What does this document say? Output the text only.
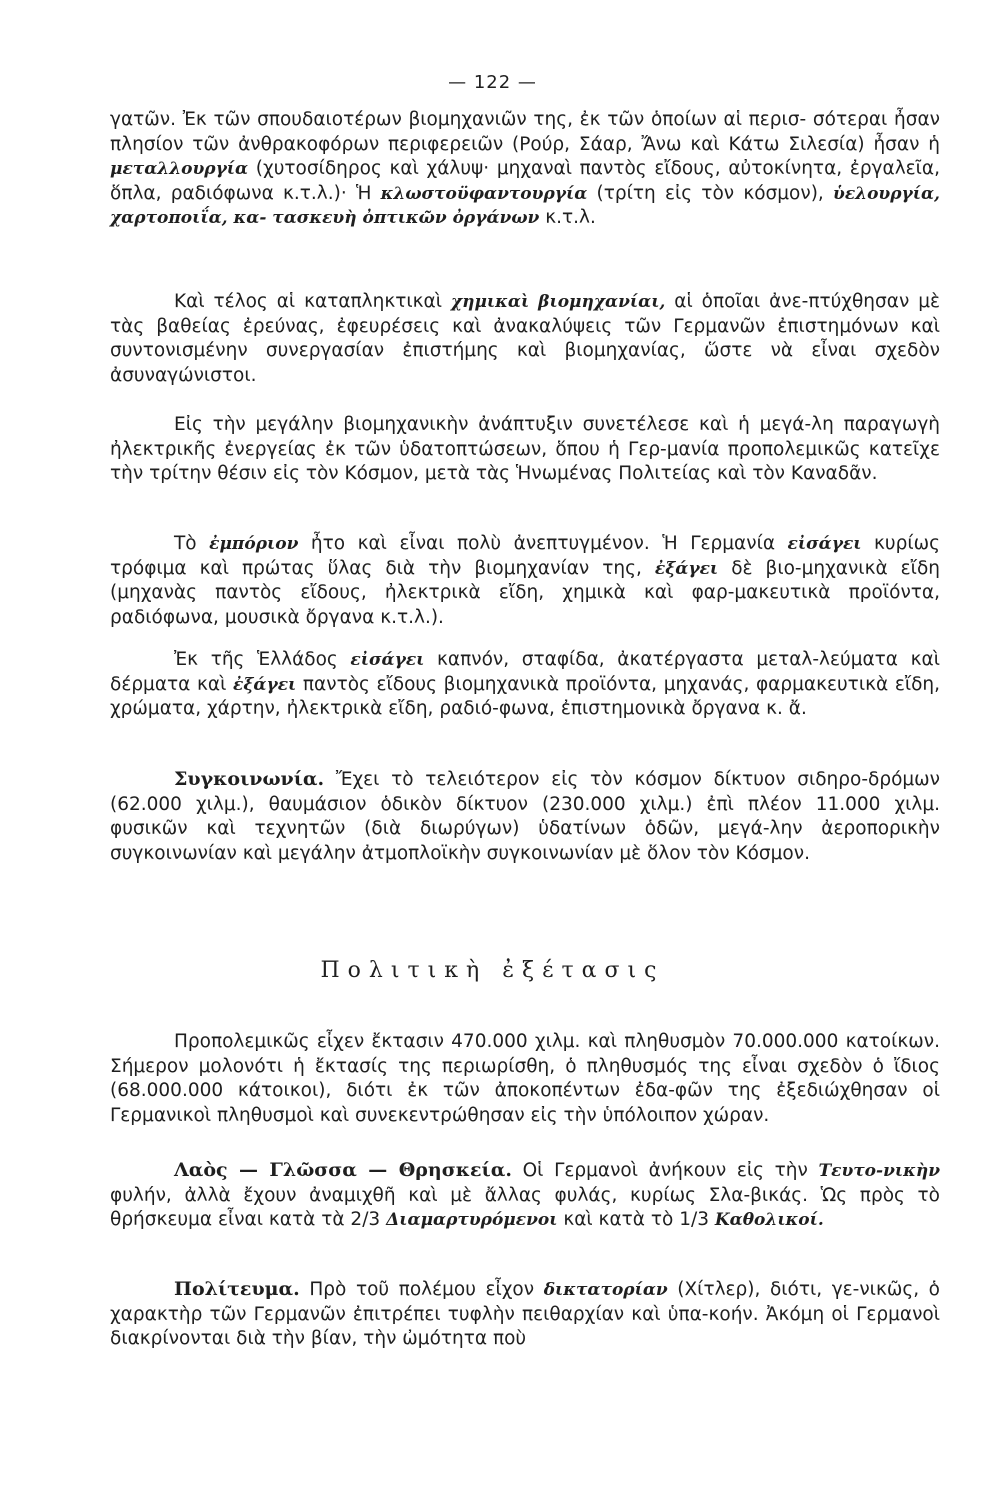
— 122 —

γατῶν. Ἐκ τῶν σπουδαιοτέρων βιομηχανιῶν της, ἐκ τῶν ὁποίων αἱ περισ- σότεραι ἦσαν πλησίον τῶν ἀνθρακοφόρων περιφερειῶν (Ρούρ, Σάαρ, Ἄνω καὶ Κάτω Σιλεσία) ἦσαν ἡ μεταλλουργία (χυτοσίδηρος καὶ χάλυψ· μηχαναὶ παντὸς εἴδους, αὐτοκίνητα, ἐργαλεῖα, ὅπλα, ραδιόφωνα κ.τ.λ.)· Ἡ κλωστοϋφαντουργία (τρίτη εἰς τὸν κόσμον), ὑελουργία, χαρτοποιΐα, κα- τασκευὴ ὀπτικῶν ὀργάνων κ.τ.λ.

Καὶ τέλος αἱ καταπληκτικαὶ χημικαὶ βιομηχανίαι, αἱ ὁποῖαι ἀνε-πτύχθησαν μὲ τὰς βαθείας ἐρεύνας, ἐφευρέσεις καὶ ἀνακαλύψεις τῶν Γερμανῶν ἐπιστημόνων καὶ συντονισμένην συνεργασίαν ἐπιστήμης καὶ βιομηχανίας, ὥστε νὰ εἶναι σχεδὸν ἀσυναγώνιστοι.

Εἰς τὴν μεγάλην βιομηχανικὴν ἀνάπτυξιν συνετέλεσε καὶ ἡ μεγά-λη παραγωγὴ ἠλεκτρικῆς ἐνεργείας ἐκ τῶν ὑδατοπτώσεων, ὅπου ἡ Γερ-μανία προπολεμικῶς κατεῖχε τὴν τρίτην θέσιν εἰς τὸν Κόσμον, μετὰ τὰς Ἡνωμένας Πολιτείας καὶ τὸν Καναδᾶν.

Τὸ ἐμπόριον ἦτο καὶ εἶναι πολὺ ἀνεπτυγμένον. Ἡ Γερμανία εἰσάγει κυρίως τρόφιμα καὶ πρώτας ὕλας διὰ τὴν βιομηχανίαν της, ἐξάγει δὲ βιο-μηχανικὰ εἴδη (μηχανὰς παντὸς εἴδους, ἠλεκτρικὰ εἴδη, χημικὰ καὶ φαρ-μακευτικὰ προϊόντα, ραδιόφωνα, μουσικὰ ὄργανα κ.τ.λ.).

Ἐκ τῆς Ἑλλάδος εἰσάγει καπνόν, σταφίδα, ἀκατέργαστα μεταλ-λεύματα καὶ δέρματα καὶ ἐξάγει παντὸς εἴδους βιομηχανικὰ προϊόντα, μηχανάς, φαρμακευτικὰ εἴδη, χρώματα, χάρτην, ἠλεκτρικὰ εἴδη, ραδιό-φωνα, ἐπιστημονικὰ ὄργανα κ. ἄ.

Συγκοινωνία. Ἔχει τὸ τελειότερον εἰς τὸν κόσμον δίκτυον σιδηρο-δρόμων (62.000 χιλμ.), θαυμάσιον ὁδικὸν δίκτυον (230.000 χιλμ.) ἐπὶ πλέον 11.000 χιλμ. φυσικῶν καὶ τεχνητῶν (διὰ διωρύγων) ὑδατίνων ὁδῶν, μεγά-λην ἀεροπορικὴν συγκοινωνίαν καὶ μεγάλην ἀτμοπλοϊκὴν συγκοινωνίαν μὲ ὅλον τὸν Κόσμον.

Πολιτικὴ ἐξέτασις

Προπολεμικῶς εἶχεν ἔκτασιν 470.000 χιλμ. καὶ πληθυσμὸν 70.000.000 κατοίκων. Σήμερον μολονότι ἡ ἔκτασίς της περιωρίσθη, ὁ πληθυσμός της εἶναι σχεδὸν ὁ ἴδιος (68.000.000 κάτοικοι), διότι ἐκ τῶν ἀποκοπέντων ἐδα-φῶν της ἐξεδιώχθησαν οἱ Γερμανικοὶ πληθυσμοὶ καὶ συνεκεντρώθησαν εἰς τὴν ὑπόλοιπον χώραν.

Λαὸς — Γλῶσσα — Θρησκεία. Οἱ Γερμανοὶ ἀνήκουν εἰς τὴν Τευτο-νικὴν φυλήν, ἀλλὰ ἔχουν ἀναμιχθῆ καὶ μὲ ἄλλας φυλάς, κυρίως Σλα-βικάς. Ὡς πρὸς τὸ θρήσκευμα εἶναι κατὰ τὰ 2/3 Διαμαρτυρόμενοι καὶ κατὰ τὸ 1/3 Καθολικοί.

Πολίτευμα. Πρὸ τοῦ πολέμου εἶχον δικτατορίαν (Χίτλερ), διότι, γε-νικῶς, ὁ χαρακτὴρ τῶν Γερμανῶν ἐπιτρέπει τυφλὴν πειθαρχίαν καὶ ὑπα-κοήν. Ἀκόμη οἱ Γερμανοὶ διακρίνονται διὰ τὴν βίαν, τὴν ὠμότητα ποὺ
